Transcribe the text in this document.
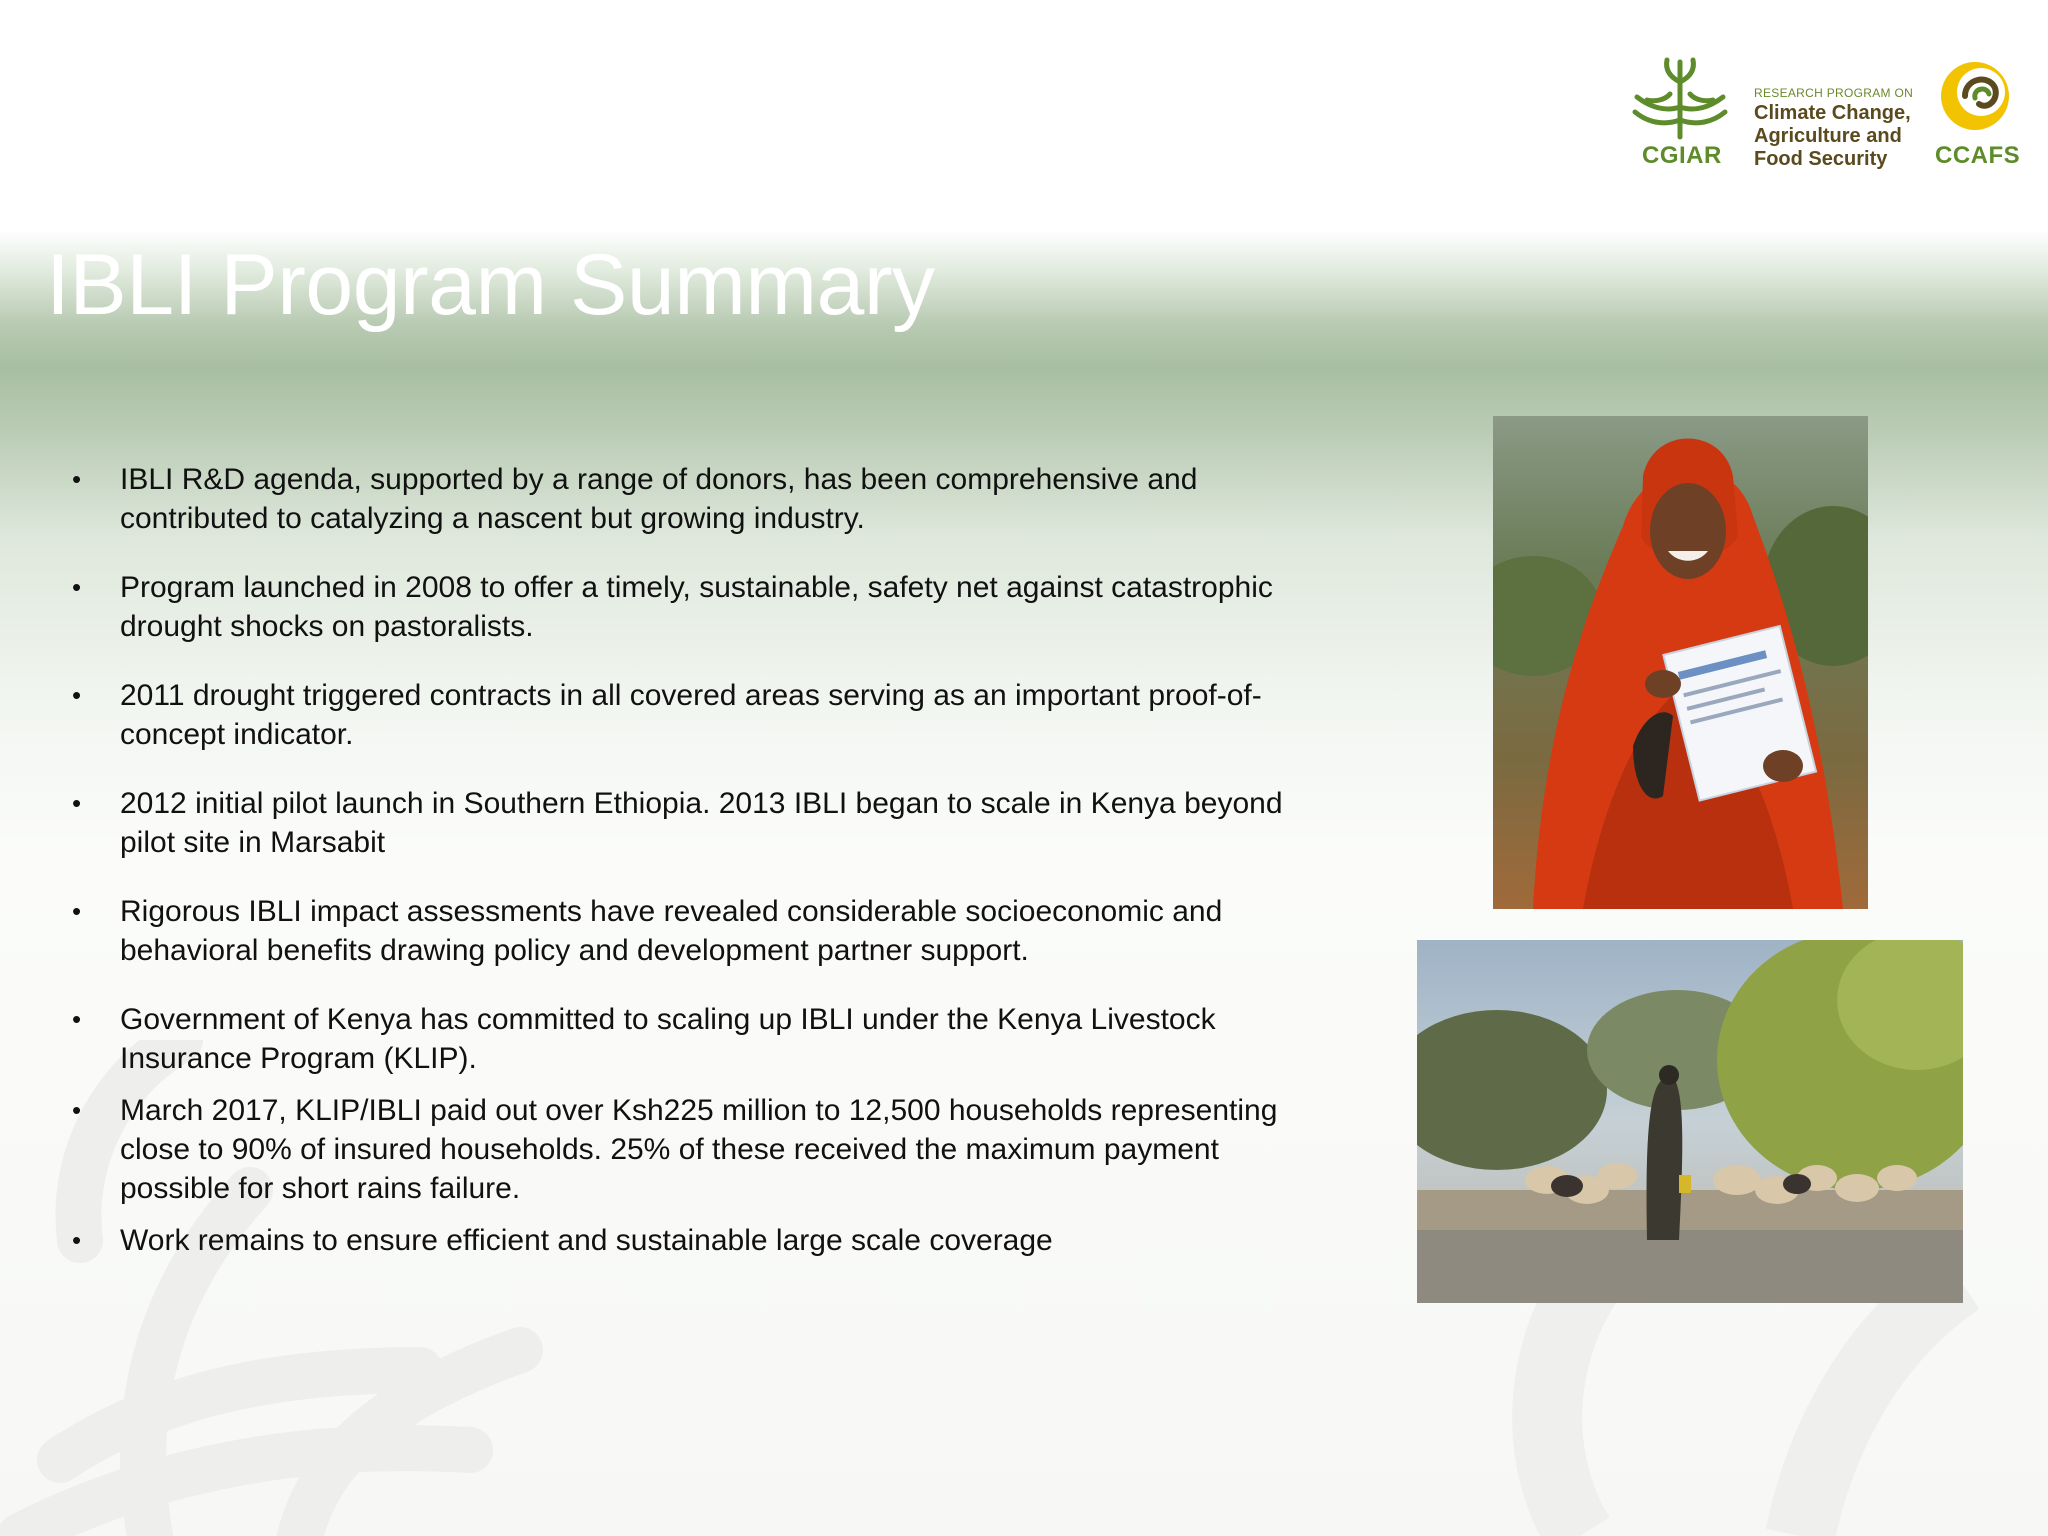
IBLI Program Summary
CGIAR
RESEARCH PROGRAM ON
Climate Change,
Agriculture and
Food Security CCAFS
• IBLI R&D agenda, supported by a range of donors, has been comprehensive and contributed to catalyzing a nascent but growing industry.
• Program launched in 2008 to offer a timely, sustainable, safety net against catastrophic drought shocks on pastoralists.
• 2011 drought triggered contracts in all covered areas serving as an important proof-of-concept indicator.
• 2012 initial pilot launch in Southern Ethiopia. 2013 IBLI began to scale in Kenya beyond pilot site in Marsabit
• Rigorous IBLI impact assessments have revealed considerable socioeconomic and behavioral benefits drawing policy and development partner support.
• Government of Kenya has committed to scaling up IBLI under the Kenya Livestock Insurance Program (KLIP).
• March 2017, KLIP/IBLI paid out over Ksh225 million to 12,500 households representing close to 90% of insured households. 25% of these received the maximum payment possible for short rains failure.
• Work remains to ensure efficient and sustainable large scale coverage
